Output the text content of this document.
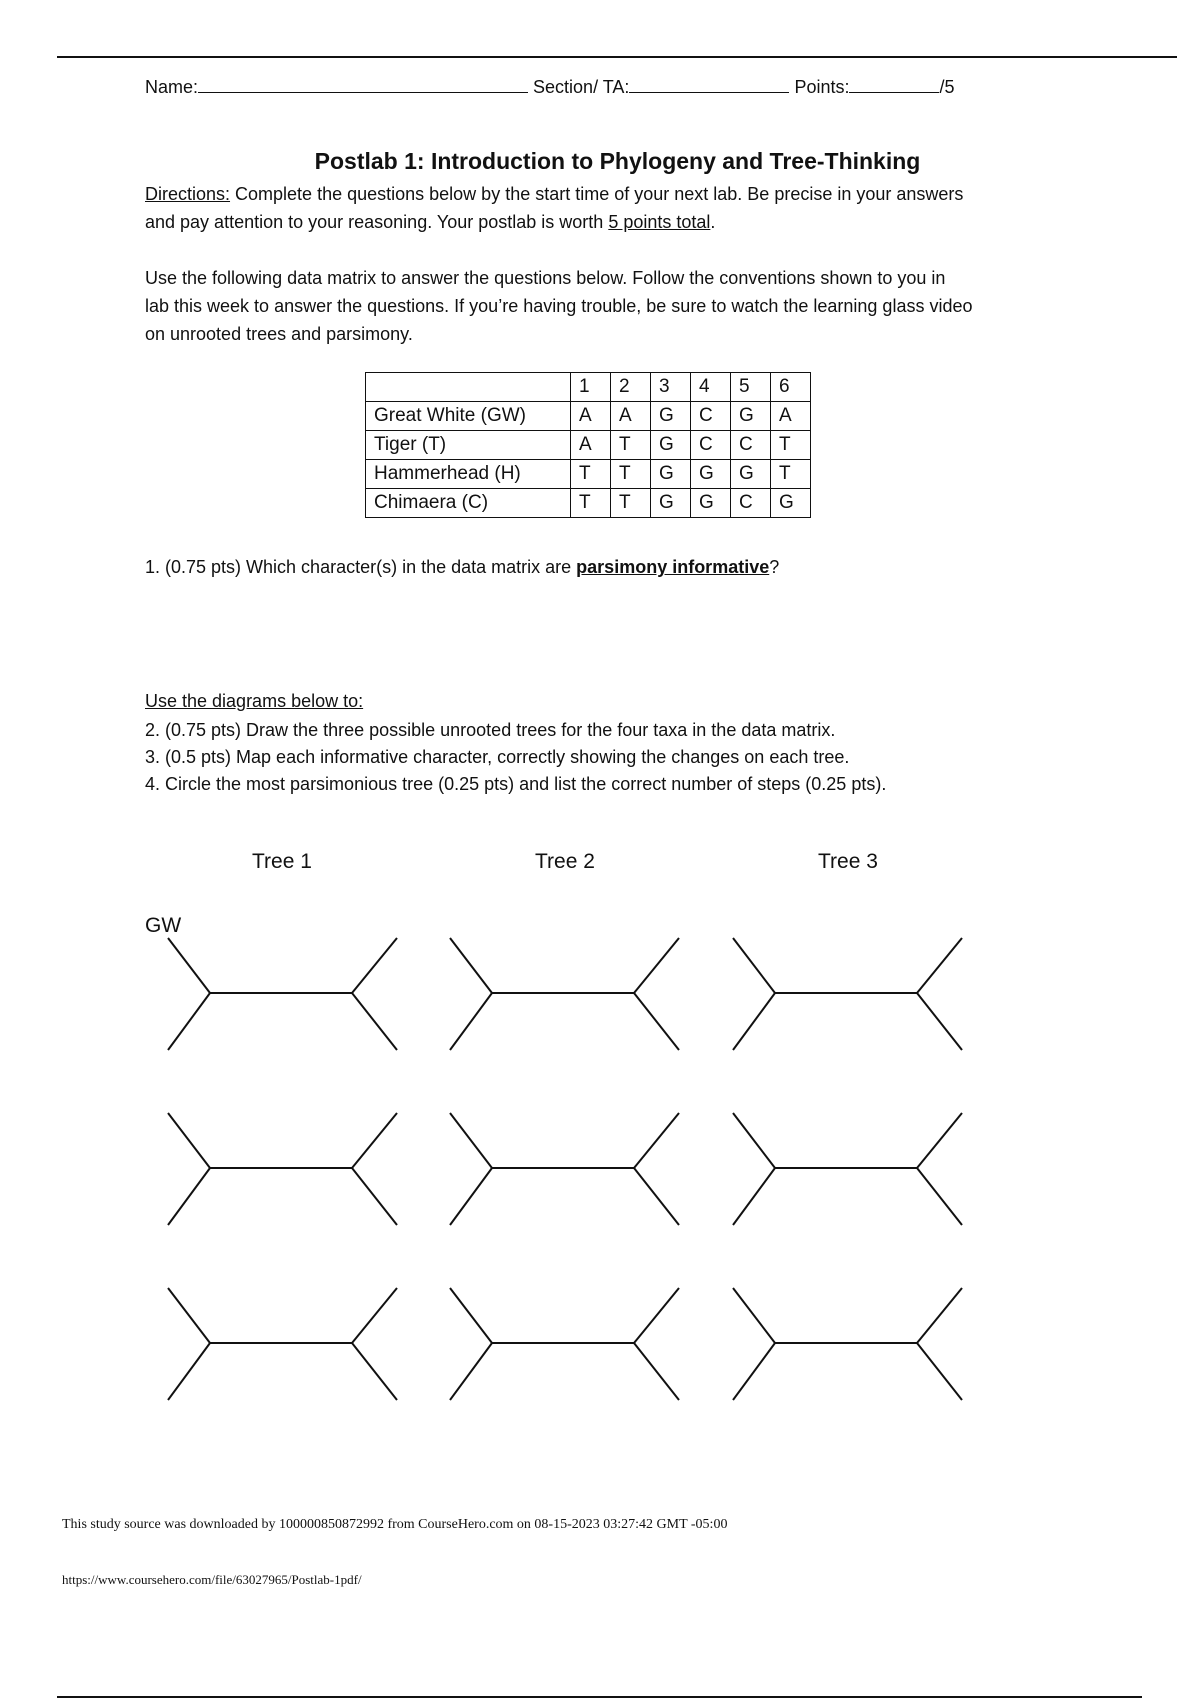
Name:	Section/ TA:	Points:	/5
Postlab 1: Introduction to Phylogeny and Tree-Thinking
Directions: Complete the questions below by the start time of your next lab. Be precise in your answers
and pay attention to your reasoning. Your postlab is worth 5 points total.
Use the following data matrix to answer the questions below. Follow the conventions shown to you in
lab this week to answer the questions. If you’re having trouble, be sure to watch the learning glass video
on unrooted trees and parsimony.
	1	2	3	4	5	6
Great White (GW)	A	A	G	C	G	A
Tiger (T)	A	T	G	C	C	T
Hammerhead (H)	T	T	G	G	G	T
Chimaera (C)	T	T	G	G	C	G
1. (0.75 pts) Which character(s) in the data matrix are parsimony informative?
Use the diagrams below to:
2. (0.75 pts) Draw the three possible unrooted trees for the four taxa in the data matrix.
3. (0.5 pts) Map each informative character, correctly showing the changes on each tree.
4. Circle the most parsimonious tree (0.25 pts) and list the correct number of steps (0.25 pts).
Tree 1	Tree 2	Tree 3
GW
This study source was downloaded by 100000850872992 from CourseHero.com on 08-15-2023 03:27:42 GMT -05:00
https://www.coursehero.com/file/63027965/Postlab-1pdf/
